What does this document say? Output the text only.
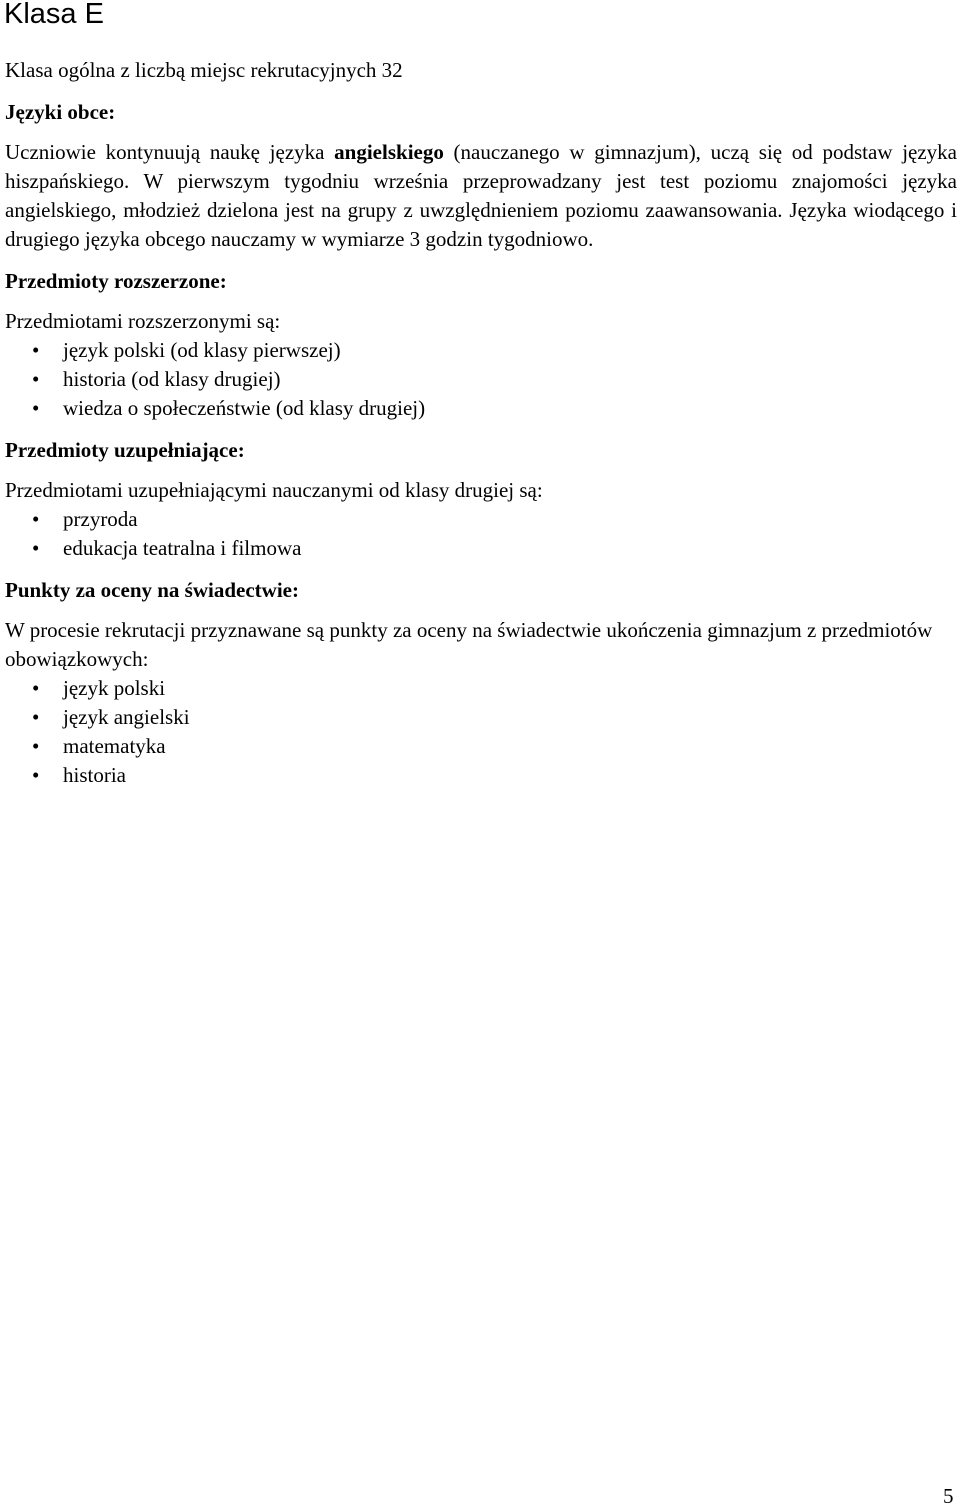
Klasa E

Klasa ogólna z liczbą miejsc rekrutacyjnych 32

Języki obce:

Uczniowie kontynuują naukę języka angielskiego (nauczanego w gimnazjum), uczą się od podstaw języka hiszpańskiego. W pierwszym tygodniu września przeprowadzany jest test poziomu znajomości języka angielskiego, młodzież dzielona jest na grupy z uwzględnieniem poziomu zaawansowania. Języka wiodącego i drugiego języka obcego nauczamy w wymiarze 3 godzin tygodniowo.

Przedmioty rozszerzone:

Przedmiotami rozszerzonymi są:

• język polski (od klasy pierwszej)
• historia (od klasy drugiej)
• wiedza o społeczeństwie (od klasy drugiej)

Przedmioty uzupełniające:

Przedmiotami uzupełniającymi nauczanymi od klasy drugiej są:

• przyroda
• edukacja teatralna i filmowa

Punkty za oceny na świadectwie:

W procesie rekrutacji przyznawane są punkty za oceny na świadectwie ukończenia gimnazjum z przedmiotów obowiązkowych:

• język polski
• język angielski
• matematyka
• historia
5
